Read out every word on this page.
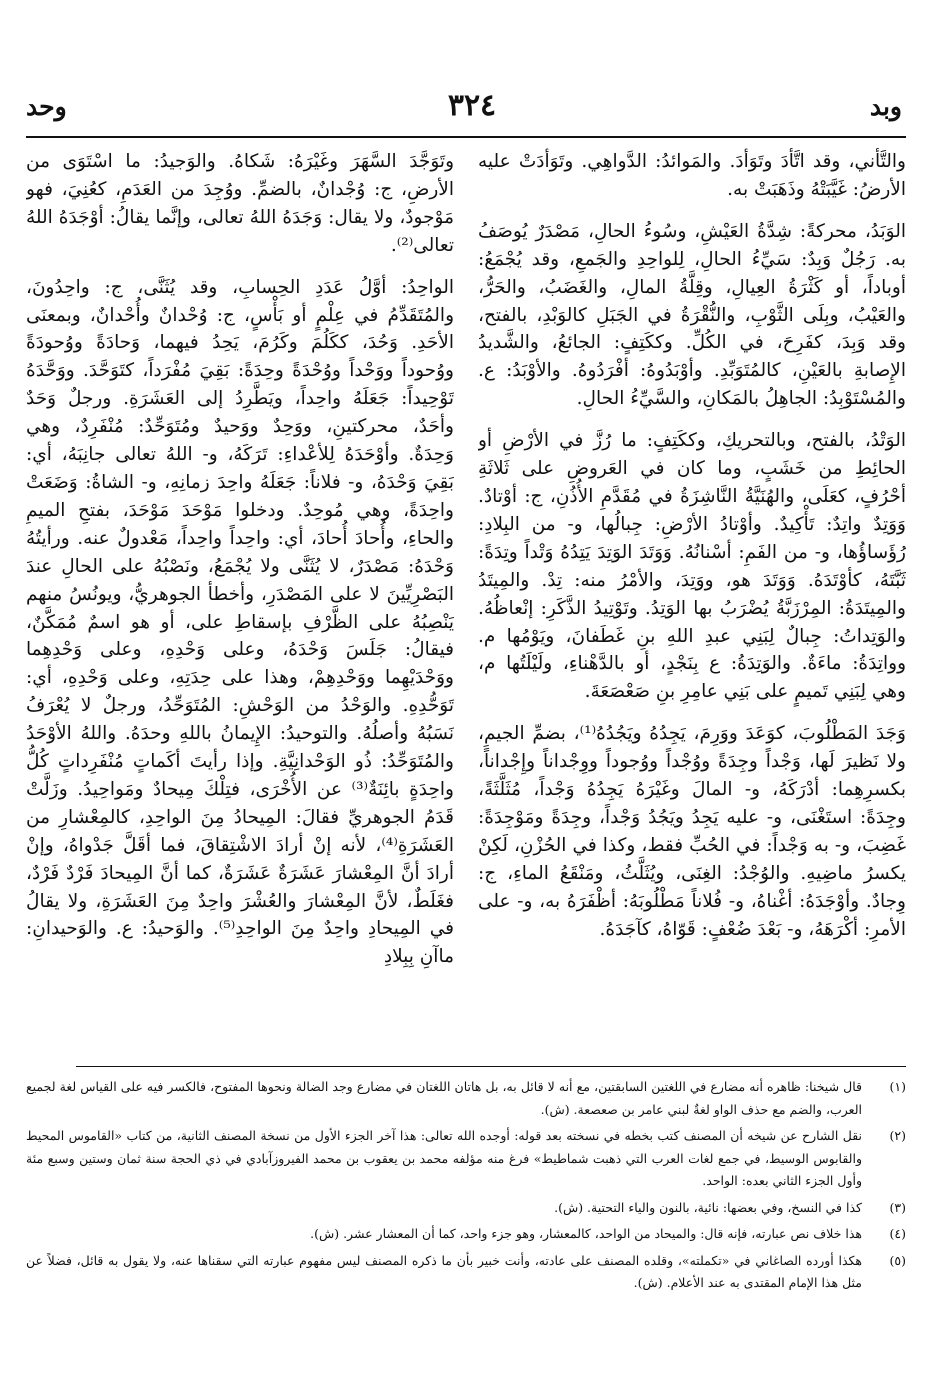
وبد
٣٢٤
وحد

والتَّأْني، وقد اتَّأَدَ وتَوَأَّدَ. والمَوائدُ: الدَّواهِي. وتَوَأَّدَتْ عليه الأرضُ: غَيَّبَتْهُ وذَهَبَتْ به.

الوَبَدُ، محركةً: شِدَّةُ العَيْشِ، وسُوءُ الحالِ، مَصْدَرٌ يُوصَفُ به. رَجُلٌ وَبِدٌ: سَيِّءُ الحالِ، لِلواحِدِ والجَمعِ، وقد يُجْمَعُ: أوباداً، أو كَثْرَةُ العِيالِ، وقِلَّةُ المالِ، والغَضَبُ، والحَرُّ، والعَيْبُ، وبِلَى الثَّوْبِ، والنُّقْرَةُ في الجَبَلِ كالوَبْدِ، بالفتح، وقد وَبِدَ، كفَرِحَ، في الكُلِّ. وككَتِفٍ: الجائعُ، والشَّديدُ الإِصابةِ بالعَيْنِ، كالمُتَوَبِّدِ. وأوْبَدُوهُ: أفْرَدُوهُ. والأوْبَدُ: ع. والمُسْتَوْبِدُ: الجاهِلُ بالمَكانِ، والسَّيِّءُ الحالِ.

الوَتْدُ، بالفتح، وبالتحريكِ، وككَتِفٍ: ما رُزَّ في الأرْضِ أو الحائِطِ من خَشَبٍ، وما كان في العَروضِ على ثَلاثَةِ أحْرُفٍ، كعَلَى، والهُنَيَّةُ النَّاشِزَةُ في مُقَدَّمِ الأُذُنِ، ج: أوْتادٌ. وَوَتِدٌ واتِدٌ: تَأْكِيدٌ. وأوْتادُ الأرْضِ: جِبالُها، و- من البِلادِ: رُؤَساؤُها، و- من الفَمِ: أسْنانُهُ. وَوَتَدَ الوَتِدَ يَتِدُهُ وَتْداً وتِدَةً: ثَبَّتَهُ، كأوْتَدَهُ. وَوَتَدَ هو، ووَتِدَ، والأمْرُ منه: تِدْ. والمِيتَدُ والمِيتَدَةُ: المِرْزَبَّةُ يُضْرَبُ بها الوَتِدُ. وتَوْتِيدُ الذَّكَرِ: إنْعاظُهُ. والوَتِداتُ: جِبالٌ لِبَنِي عبدِ اللهِ بنِ غَطَفانَ، ويَوْمُها م. وواتِدَةُ: ماءَةٌ. والوَتِدَةُ: ع بِنَجْدٍ، أو بالدَّهْناءِ، ولَيْلَتُها م، وهي لِبَنِي تَميمٍ على بَنِي عامِرِ بنِ صَعْصَعَةَ.

وَجَدَ المَطْلُوبَ، كوَعَدَ ووَرِمَ، يَجِدُهُ ويَجُدُهُ⁽¹⁾، بضمِّ الجيمِ، ولا نَظيرَ لَها، وَجْداً وجِدَةً ووُجْداً ووُجوداً ووِجْداناً وإِجْداناً، بكسرِهِما: أدْرَكَهُ، و- المالَ وغَيْرَهُ يَجِدُهُ وَجْداً، مُثَلَّثَةً، وجِدَةً: استَغْنَى، و- عليه يَجِدُ ويَجُدُ وَجْداً، وجِدَةً ومَوْجِدَةً: غَضِبَ، و- به وَجْداً: في الحُبِّ فقط، وكذا في الحُزْنِ، لَكِنْ يكسرُ ماضِيهِ. والوُجْدُ: الغِنَى، ويُثَلَّثُ، ومَنْقَعُ الماءِ، ج: وِجادٌ. وأوْجَدَهُ: أغْناهُ، و- فُلاناً مَطْلُوبَهُ: أظْفَرَهُ به، و- على الأمرِ: أكْرَهَهُ، و- بَعْدَ ضُعْفٍ: قَوّاهُ، كآجَدَهُ.

وتَوَجَّدَ السَّهَرَ وغَيْرَهُ: شَكاهُ. والوَجيدُ: ما اسْتَوَى من الأرضِ، ج: وُجْدانٌ، بالضمِّ. ووُجِدَ من العَدَمِ، كعُنِيَ، فهو مَوْجودٌ، ولا يقال: وَجَدَهُ اللهُ تعالى، وإنَّما يقالُ: أوْجَدَهُ اللهُ تعالى⁽²⁾.

الواحِدُ: أوَّلُ عَدَدِ الحِسابِ، وقد يُثَنَّى، ج: واحِدُونَ، والمُتَقَدِّمُ في عِلْمٍ أو بَأْسٍ، ج: وُحْدانٌ وأُحْدانٌ، وبمعنَى الأحَدِ. وَحُدَ، ككَلُمَ وكَرُمَ، يَحِدُ فيهما، وَحادَةً ووُحودَةً ووُحوداً ووَحْداً ووُحْدَةً وحِدَةً: بَقِيَ مُفْرَداً، كتَوَحَّدَ. ووَحَّدَهُ تَوْحِيداً: جَعَلَهُ واحِداً، ويَطَّرِدُ إلى العَشَرَةِ. ورجلٌ وَحَدٌ وأحَدٌ، محركتينِ، ووَحِدٌ ووَحيدٌ ومُتَوَحِّدٌ: مُنْفَرِدٌ، وهي وَحِدَةٌ. وأوْحَدَهُ لِلأعْداءِ: تَرَكَهُ، و- اللهُ تعالى جانِبَهُ، أي: بَقِيَ وَحْدَهُ، و- فلاناً: جَعَلَهُ واحِدَ زمانِهِ، و- الشاةُ: وَضَعَتْ واحِدَةً، وهي مُوحِدٌ. ودخلوا مَوْحَدَ مَوْحَدَ، بفتحِ الميمِ والحاءِ، وأُحادَ أُحادَ، أي: واحِداً واحِداً، مَعْدولٌ عنه. ورأيتُهُ وَحْدَهُ: مَصْدَرٌ، لا يُثَنَّى ولا يُجْمَعُ، ونَصْبُهُ على الحالِ عندَ البَصْرِيِّينَ لا على المَصْدَرِ، وأخطأ الجوهريُّ، ويونُسُ منهم يَنْصِبُهُ على الظَّرْفِ بإسقاطِ على، أو هو اسمٌ مُمَكَّنٌ، فيقالُ: جَلَسَ وَحْدَهُ، وعلى وَحْدِهِ، وعلى وَحْدِهِما ووَحْدَيْهِما ووَحْدِهِمْ، وهذا على حِدَتِهِ، وعلى وَحْدِهِ، أي: تَوَحُّدِهِ. والوَحْدُ من الوَحْشِ: المُتَوَحِّدُ، ورجلٌ لا يُعْرَفُ نَسَبُهُ وأصلُهُ. والتوحيدُ: الإِيمانُ باللهِ وحدَهُ. واللهُ الأوْحَدُ والمُتَوَحِّدُ: ذُو الوَحْدانِيَّةِ. وإذا رأيتَ أكَماتٍ مُنْفَرِداتٍ كُلُّ واحِدَةٍ بائِنَةٌ⁽³⁾ عن الأُخْرَى، فتِلْكَ مِيحادٌ ومَواحِيدُ. وزَلَّتْ قَدَمُ الجوهريِّ فقالَ: المِيحادُ مِنَ الواحِدِ، كالمِعْشارِ من العَشَرَةِ⁽⁴⁾، لأنه إنْ أرادَ الاشْتِقاقَ، فما أقَلَّ جَدْواهُ، وإنْ أرادَ أنَّ المِعْشارَ عَشَرَةٌ عَشَرَةٌ، كما أنَّ المِيحادَ فَرْدٌ فَرْدٌ، فغَلَطٌ، لأنَّ المِعْشارَ والعُشْرَ واحِدٌ مِنَ العَشَرَةِ، ولا يقالُ في المِيحادِ واحِدٌ مِنَ الواحِدِ⁽⁵⁾. والوَحيدُ: ع. والوَحيدانِ: ماآنِ بِبِلادِ

(١)
قال شيخنا: ظاهره أنه مضارع في اللغتين السابقتين، مع أنه لا قائل به، بل هاتان اللغتان في مضارع وجد الضالة ونحوها المفتوح، فالكسر فيه على القياس لغة لجميع العرب، والضم مع حذف الواو لغةٌ لبني عامر بن صعصعة. (ش).
(٢)
نقل الشارح عن شيخه أن المصنف كتب بخطه في نسخته بعد قوله: أوجده الله تعالى: هذا آخر الجزء الأول من نسخة المصنف الثانية، من كتاب «القاموس المحيط والقابوس الوسيط، في جمع لغات العرب التي ذهبت شماطيط» فرغ منه مؤلفه محمد بن يعقوب بن محمد الفيروزآبادي في ذي الحجة سنة ثمان وستين وسبع مئة وأول الجزء الثاني بعده: الواحد.
(٣)
كذا في النسخ، وفي بعضها: نائية، بالنون والياء التحتية. (ش).
(٤)
هذا خلاف نص عبارته، فإنه قال: والميحاد من الواحد، كالمعشار، وهو جزء واحد، كما أن المعشار عشر. (ش).
(٥)
هكذا أورده الصاغاني في «تكملته»، وقلده المصنف على عادته، وأنت خبير بأن ما ذكره المصنف ليس مفهوم عبارته التي سقناها عنه، ولا يقول به قائل، فضلاً عن مثل هذا الإمام المقتدى به عند الأعلام. (ش).
